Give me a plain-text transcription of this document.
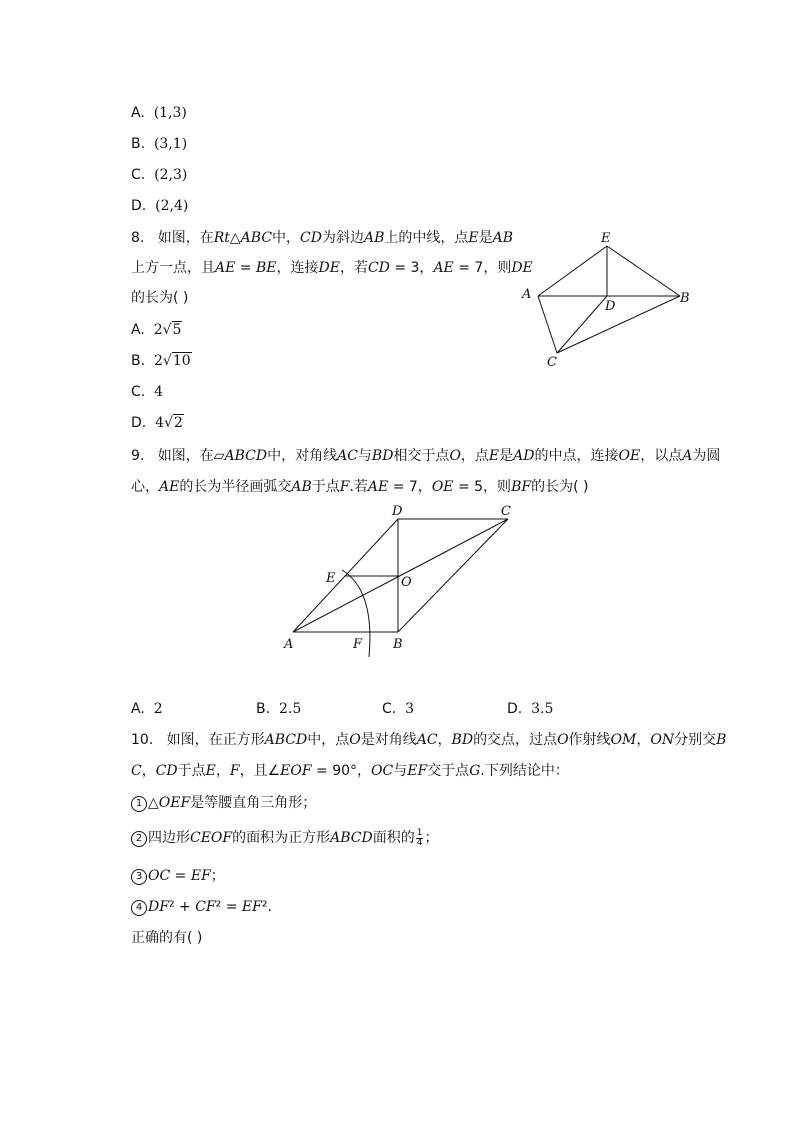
A. (1,3)
B. (3,1)
C. (2,3)
D. (2,4)
8.   如图，在Rt△ABC中，CD为斜边AB上的中线，点E是AB
上方一点，且AE = BE，连接DE，若CD = 3，AE = 7，则DE
的长为( )
A. 2√5
B. 2√10
C. 4
D. 4√2
E
A
D
B
C
9.   如图，在▱ABCD中，对角线AC与BD相交于点O，点E是AD的中点，连接OE，以点A为圆
心，AE的长为半径画弧交AB于点F.若AE = 7，OE = 5，则BF的长为( )
D	C
E	O
A	F B
A. 2	B. 2.5	C. 3	D. 3.5
10.   如图，在正方形ABCD中，点O是对角线AC，BD的交点，过点O作射线OM，ON分别交B
C，CD于点E，F，且∠EOF = 90°，OC与EF交于点G.下列结论中：
1 △OEF是等腰直角三角形；
2 四边形CEOF的面积为正方形ABCD面积的 $\frac{1}{4}$ ；
3 OC = EF；
4 DF² + CF² = EF².
正确的有( )
